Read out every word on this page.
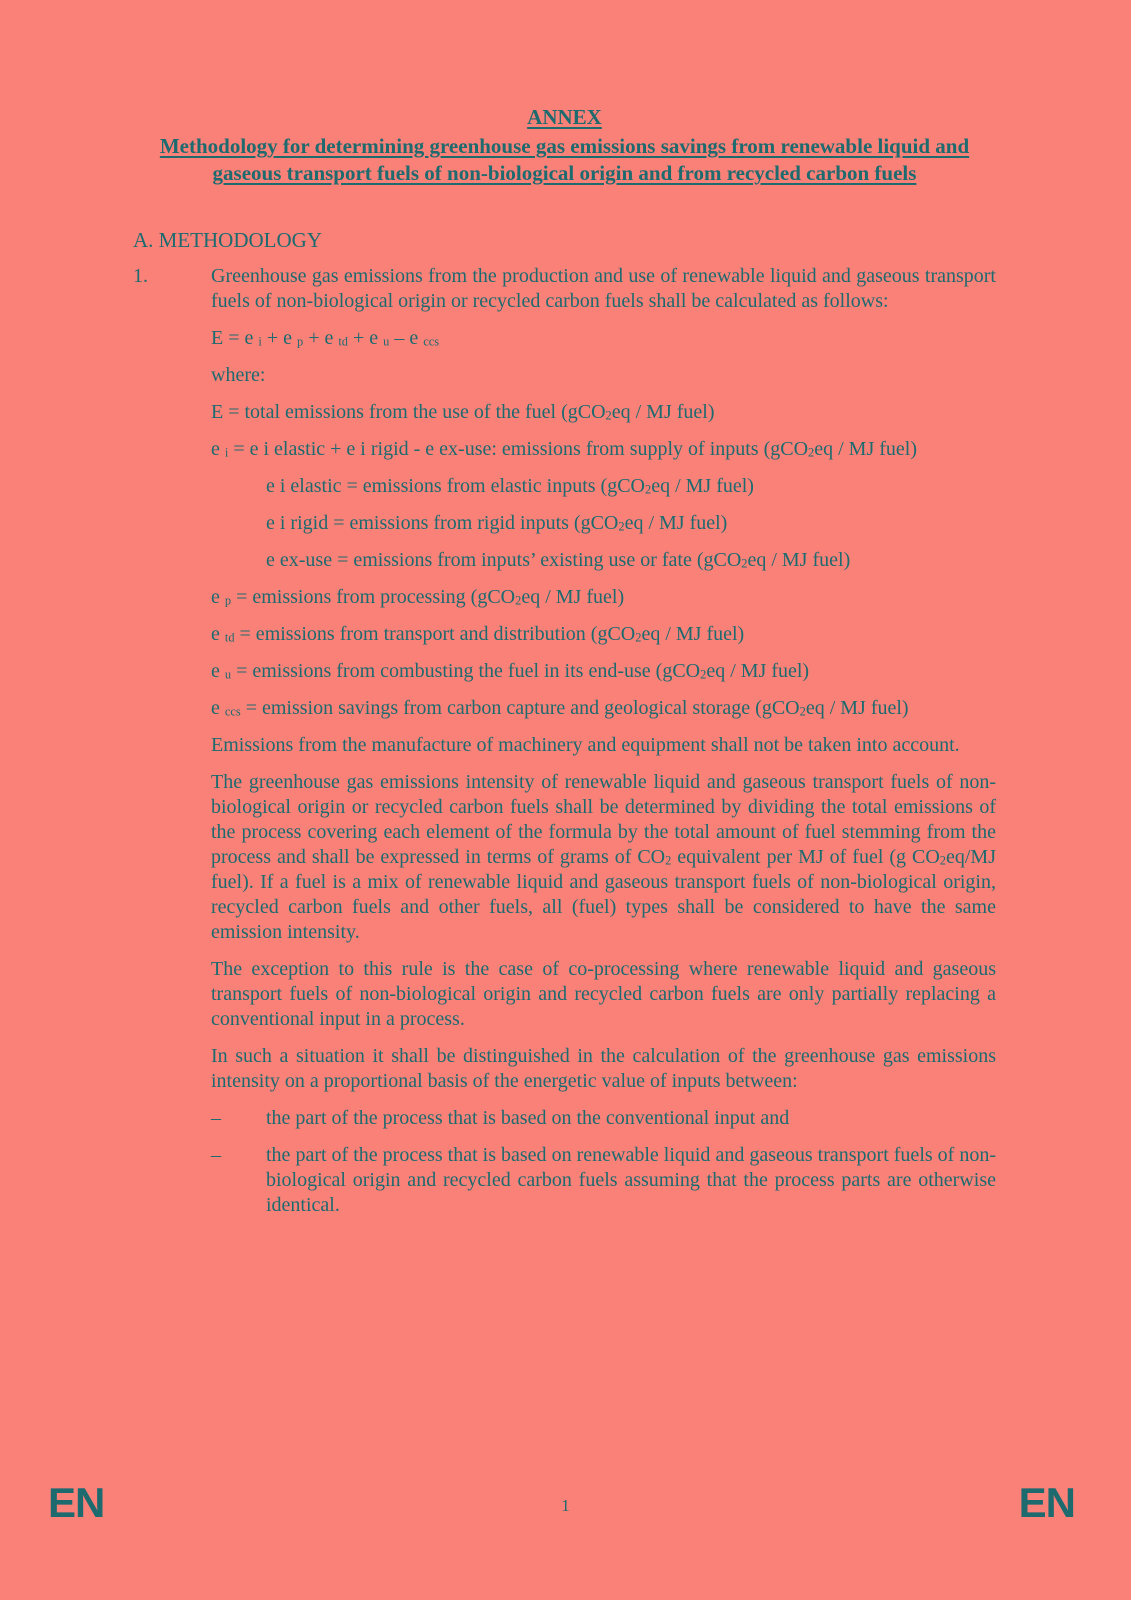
ANNEX
Methodology for determining greenhouse gas emissions savings from renewable liquid and gaseous transport fuels of non-biological origin and from recycled carbon fuels
A. METHODOLOGY
1.	Greenhouse gas emissions from the production and use of renewable liquid and gaseous transport fuels of non-biological origin or recycled carbon fuels shall be calculated as follows:
E = e $_i$ + e $_p$ + e $_{td}$ + e $_u$ – e $_{ccs}$
where:
E = total emissions from the use of the fuel (gCO$_2$eq / MJ fuel)
e $_i$ = e i elastic + e i rigid - e ex-use: emissions from supply of inputs (gCO$_2$eq / MJ fuel)
e i elastic = emissions from elastic inputs (gCO$_2$eq / MJ fuel)
e i rigid = emissions from rigid inputs (gCO$_2$eq / MJ fuel)
e ex-use = emissions from inputs’ existing use or fate (gCO$_2$eq / MJ fuel)
e $_p$ = emissions from processing (gCO$_2$eq / MJ fuel)
e $_{td}$ = emissions from transport and distribution (gCO$_2$eq / MJ fuel)
e $_u$ = emissions from combusting the fuel in its end-use (gCO$_2$eq / MJ fuel)
e $_{ccs}$ = emission savings from carbon capture and geological storage (gCO$_2$eq / MJ fuel)
Emissions from the manufacture of machinery and equipment shall not be taken into account.
The greenhouse gas emissions intensity of renewable liquid and gaseous transport fuels of non-biological origin or recycled carbon fuels shall be determined by dividing the total emissions of the process covering each element of the formula by the total amount of fuel stemming from the process and shall be expressed in terms of grams of $CO_2$ equivalent per MJ of fuel (g $CO_2eq/MJ$ fuel). If a fuel is a mix of renewable liquid and gaseous transport fuels of non-biological origin, recycled carbon fuels and other fuels, all (fuel) types shall be considered to have the same emission intensity.
The exception to this rule is the case of co-processing where renewable liquid and gaseous transport fuels of non-biological origin and recycled carbon fuels are only partially replacing a conventional input in a process.
In such a situation it shall be distinguished in the calculation of the greenhouse gas emissions intensity on a proportional basis of the energetic value of inputs between:
– the part of the process that is based on the conventional input and
– the part of the process that is based on renewable liquid and gaseous transport fuels of non-biological origin and recycled carbon fuels assuming that the process parts are otherwise identical.
EN	1	EN
